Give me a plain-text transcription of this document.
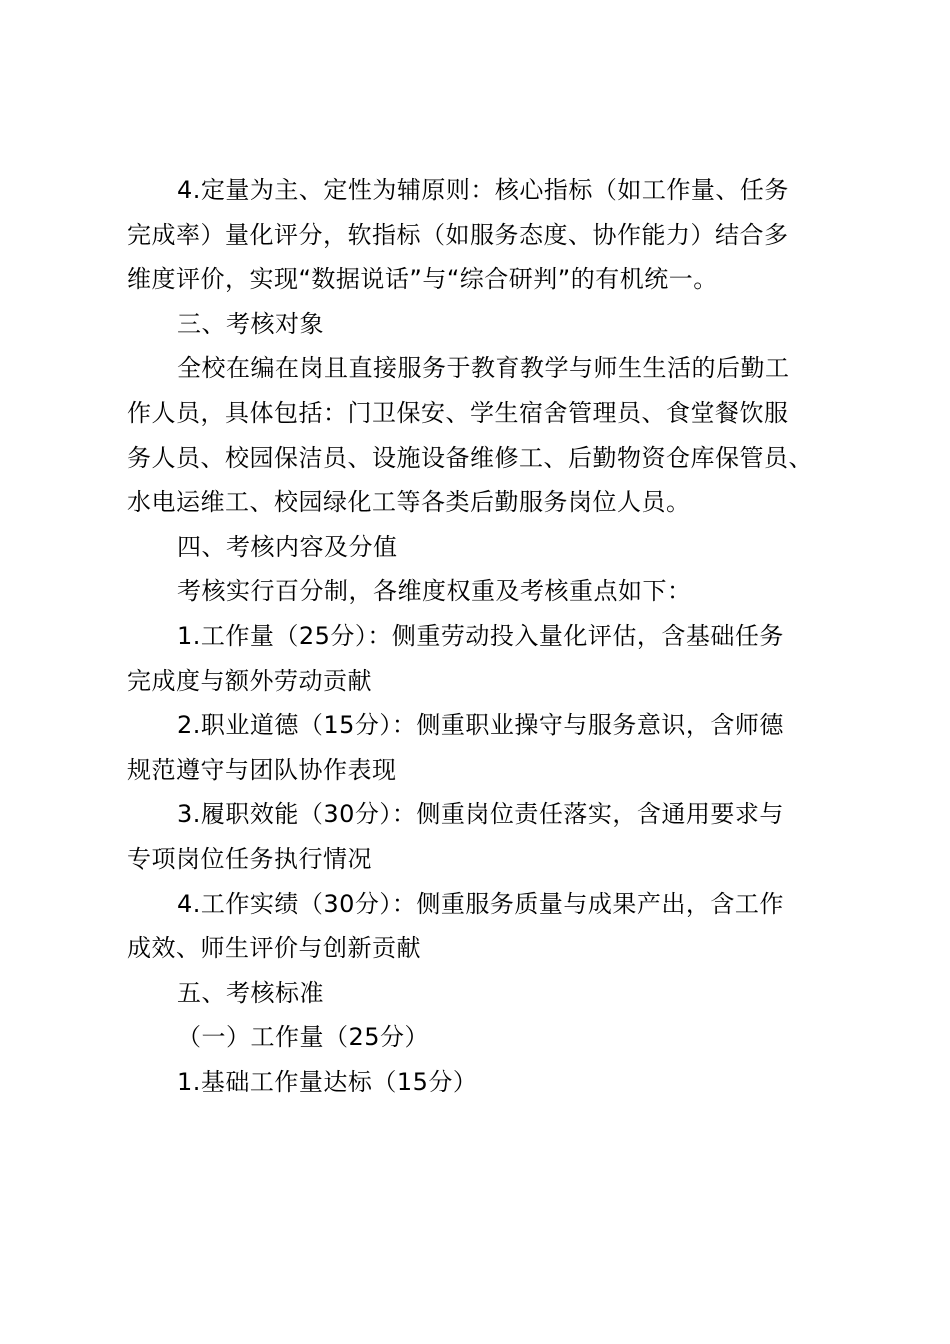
4.定量为主、定性为辅原则：核心指标（如工作量、任务
完成率）量化评分，软指标（如服务态度、协作能力）结合多
维度评价，实现“数据说话”与“综合研判”的有机统一。

三、考核对象

全校在编在岗且直接服务于教育教学与师生生活的后勤工
作人员，具体包括：门卫保安、学生宿舍管理员、食堂餐饮服
务人员、校园保洁员、设施设备维修工、后勤物资仓库保管员、
水电运维工、校园绿化工等各类后勤服务岗位人员。

四、考核内容及分值

考核实行百分制，各维度权重及考核重点如下：

1.工作量（25分）：侧重劳动投入量化评估，含基础任务
完成度与额外劳动贡献

2.职业道德（15分）：侧重职业操守与服务意识，含师德
规范遵守与团队协作表现

3.履职效能（30分）：侧重岗位责任落实，含通用要求与
专项岗位任务执行情况

4.工作实绩（30分）：侧重服务质量与成果产出，含工作
成效、师生评价与创新贡献

五、考核标准

（一）工作量（25分）

1.基础工作量达标（15分）
